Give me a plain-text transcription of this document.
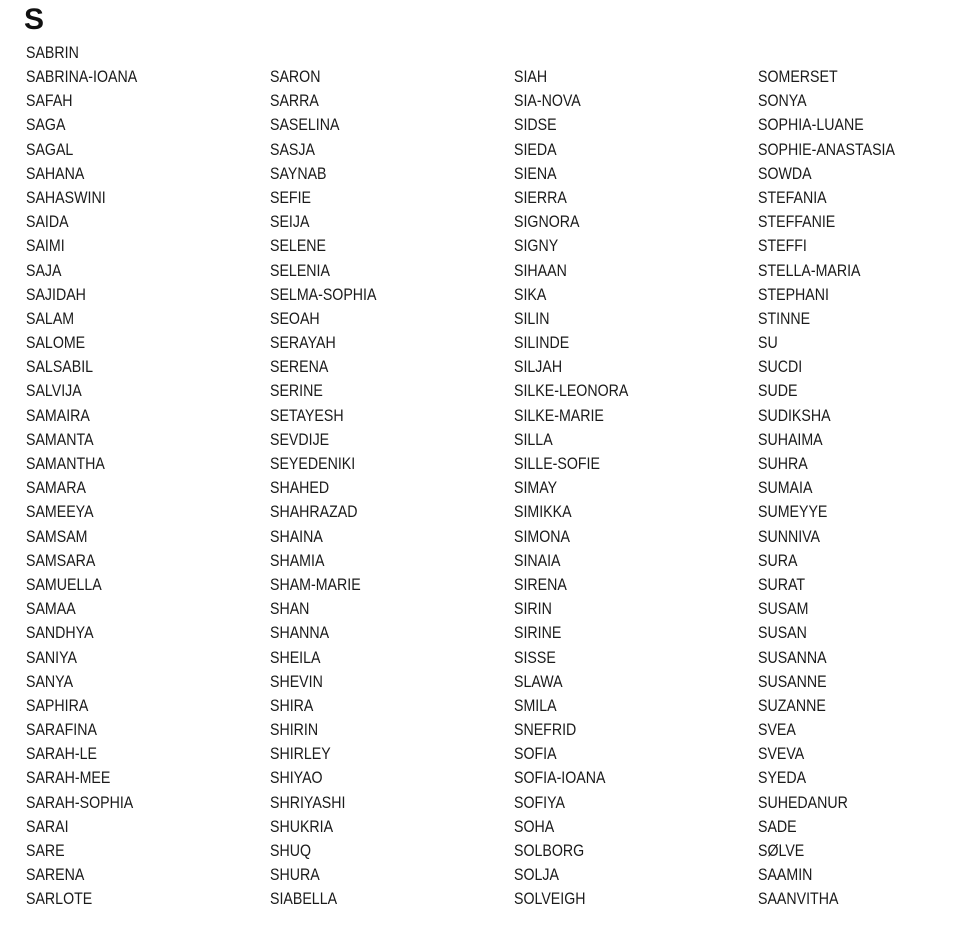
S
SABRIN
SABRINA-IOANA
SAFAH
SAGA
SAGAL
SAHANA
SAHASWINI
SAIDA
SAIMI
SAJA
SAJIDAH
SALAM
SALOME
SALSABIL
SALVIJA
SAMAIRA
SAMANTA
SAMANTHA
SAMARA
SAMEEYA
SAMSAM
SAMSARA
SAMUELLA
SAMAA
SANDHYA
SANIYA
SANYA
SAPHIRA
SARAFINA
SARAH-LE
SARAH-MEE
SARAH-SOPHIA
SARAI
SARE
SARENA
SARLOTE
SARON
SARRA
SASELINA
SASJA
SAYNAB
SEFIE
SEIJA
SELENE
SELENIA
SELMA-SOPHIA
SEOAH
SERAYAH
SERENA
SERINE
SETAYESH
SEVDIJE
SEYEDENIKI
SHAHED
SHAHRAZAD
SHAINA
SHAMIA
SHAM-MARIE
SHAN
SHANNA
SHEILA
SHEVIN
SHIRA
SHIRIN
SHIRLEY
SHIYAO
SHRIYASHI
SHUKRIA
SHUQ
SHURA
SIABELLA
SIAH
SIA-NOVA
SIDSE
SIEDA
SIENA
SIERRA
SIGNORA
SIGNY
SIHAAN
SIKA
SILIN
SILINDE
SILJAH
SILKE-LEONORA
SILKE-MARIE
SILLA
SILLE-SOFIE
SIMAY
SIMIKKA
SIMONA
SINAIA
SIRENA
SIRIN
SIRINE
SISSE
SLAWA
SMILA
SNEFRID
SOFIA
SOFIA-IOANA
SOFIYA
SOHA
SOLBORG
SOLJA
SOLVEIGH
SOMERSET
SONYA
SOPHIA-LUANE
SOPHIE-ANASTASIA
SOWDA
STEFANIA
STEFFANIE
STEFFI
STELLA-MARIA
STEPHANI
STINNE
SU
SUCDI
SUDE
SUDIKSHA
SUHAIMA
SUHRA
SUMAIA
SUMEYYE
SUNNIVA
SURA
SURAT
SUSAM
SUSAN
SUSANNA
SUSANNE
SUZANNE
SVEA
SVEVA
SYEDA
SUHEDANUR
SADE
SØLVE
SAAMIN
SAANVITHA
